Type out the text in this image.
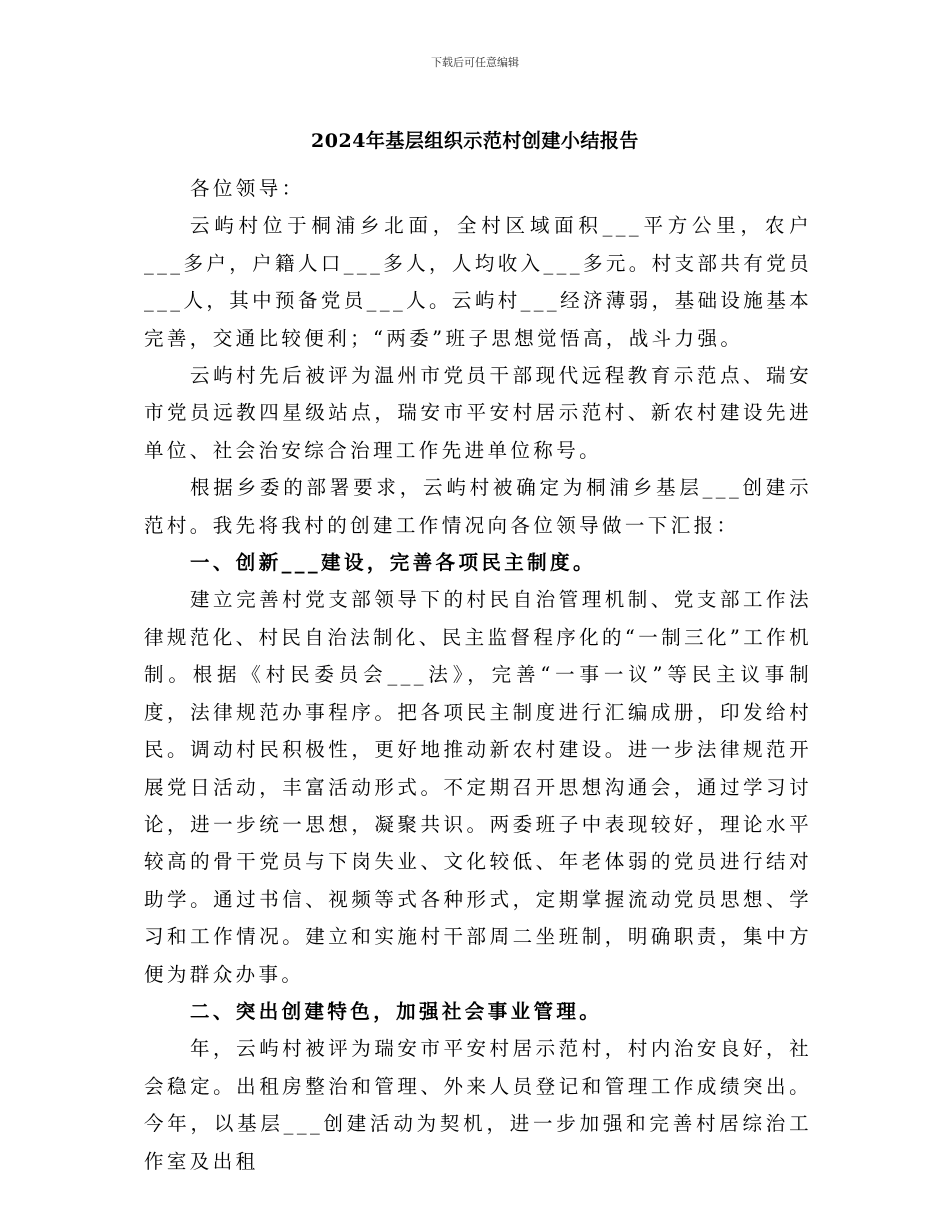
下载后可任意编辑
2024年基层组织示范村创建小结报告

各位领导：

云屿村位于桐浦乡北面，全村区域面积___平方公里，农户___多户，户籍人口___多人，人均收入___多元。村支部共有党员___人，其中预备党员___人。云屿村___经济薄弱，基础设施基本完善，交通比较便利；“两委”班子思想觉悟高，战斗力强。

云屿村先后被评为温州市党员干部现代远程教育示范点、瑞安市党员远教四星级站点，瑞安市平安村居示范村、新农村建设先进单位、社会治安综合治理工作先进单位称号。

根据乡委的部署要求，云屿村被确定为桐浦乡基层___创建示范村。我先将我村的创建工作情况向各位领导做一下汇报：

一、创新___建设，完善各项民主制度。

建立完善村党支部领导下的村民自治管理机制、党支部工作法律规范化、村民自治法制化、民主监督程序化的“一制三化”工作机制。根据《村民委员会___法》，完善“一事一议”等民主议事制度，法律规范办事程序。把各项民主制度进行汇编成册，印发给村民。调动村民积极性，更好地推动新农村建设。进一步法律规范开展党日活动，丰富活动形式。不定期召开思想沟通会，通过学习讨论，进一步统一思想，凝聚共识。两委班子中表现较好，理论水平较高的骨干党员与下岗失业、文化较低、年老体弱的党员进行结对助学。通过书信、视频等式各种形式，定期掌握流动党员思想、学习和工作情况。建立和实施村干部周二坐班制，明确职责，集中方便为群众办事。

二、突出创建特色，加强社会事业管理。

年，云屿村被评为瑞安市平安村居示范村，村内治安良好，社会稳定。出租房整治和管理、外来人员登记和管理工作成绩突出。今年，以基层___创建活动为契机，进一步加强和完善村居综治工作室及出租
